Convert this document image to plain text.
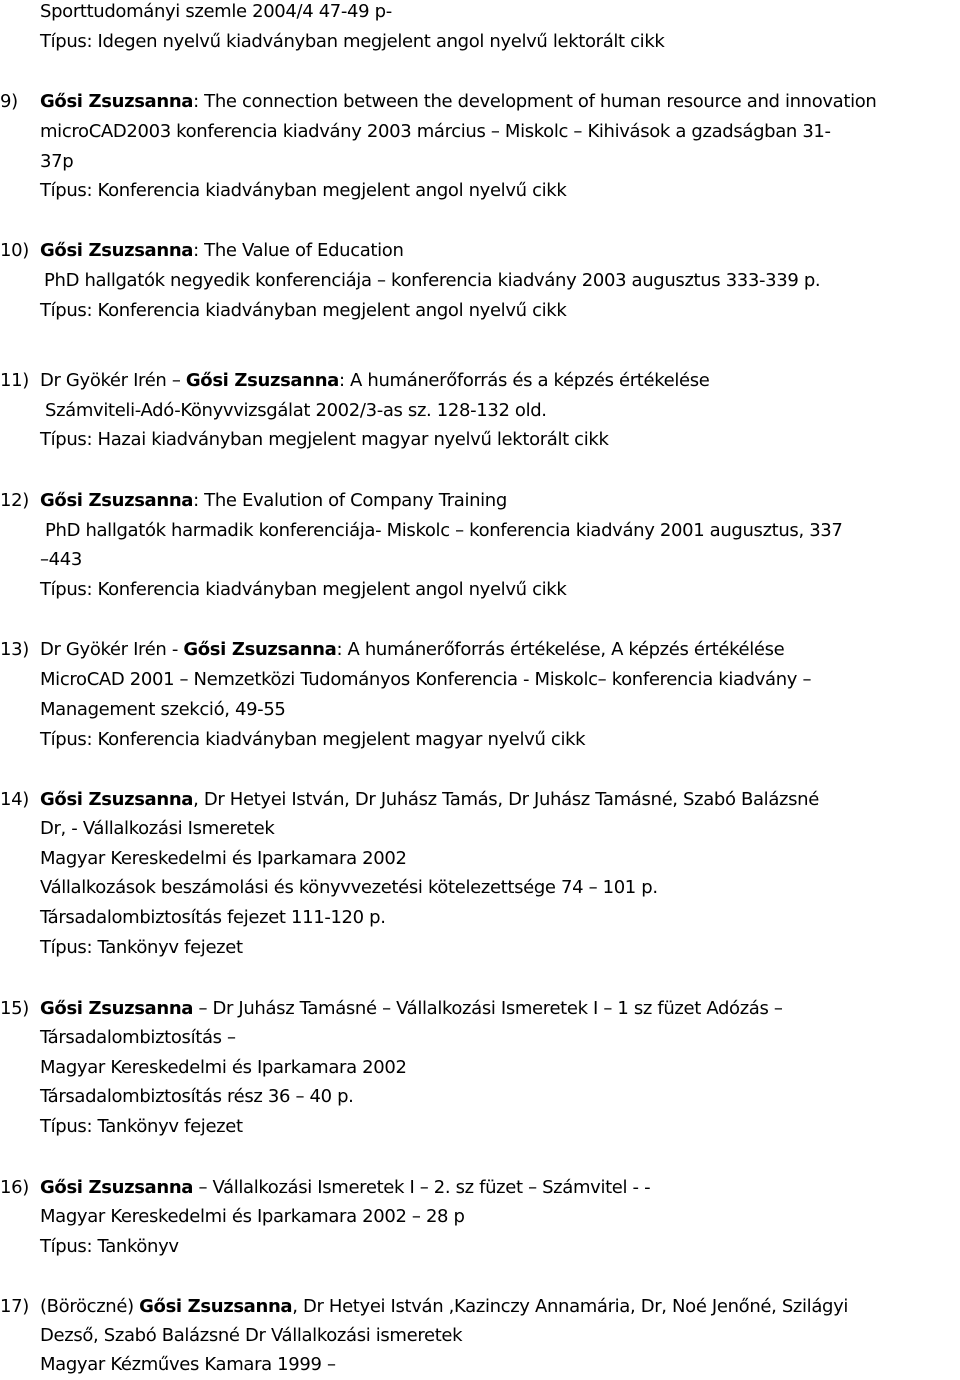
Sporttudományi szemle 2004/4 47-49 p-
Típus: Idegen nyelvű kiadványban megjelent angol nyelvű lektorált cikk
9) Gősi Zsuzsanna: The connection between the development of human resource and innovation
microCAD2003 konferencia kiadvány 2003 március – Miskolc – Kihivások a gzadságban 31-
37p
Típus: Konferencia kiadványban megjelent angol nyelvű cikk
10) Gősi Zsuzsanna: The Value of Education
PhD hallgatók negyedik konferenciája – konferencia kiadvány 2003 augusztus 333-339 p.
Típus: Konferencia kiadványban megjelent angol nyelvű cikk
11) Dr Gyökér Irén – Gősi Zsuzsanna: A humánerőforrás és a képzés értékelése
Számviteli-Adó-Könyvvizsgálat 2002/3-as sz. 128-132 old.
Típus: Hazai kiadványban megjelent magyar nyelvű lektorált cikk
12) Gősi Zsuzsanna: The Evalution of Company Training
PhD hallgatók harmadik konferenciája- Miskolc – konferencia kiadvány 2001 augusztus, 337
–443
Típus: Konferencia kiadványban megjelent angol nyelvű cikk
13) Dr Gyökér Irén - Gősi Zsuzsanna: A humánerőforrás értékelése, A képzés értékélése
MicroCAD 2001 – Nemzetközi Tudományos Konferencia - Miskolc– konferencia kiadvány –
Management szekció, 49-55
Típus: Konferencia kiadványban megjelent magyar nyelvű cikk
14) Gősi Zsuzsanna, Dr Hetyei István, Dr Juhász Tamás, Dr Juhász Tamásné, Szabó Balázsné
Dr, - Vállalkozási Ismeretek
Magyar Kereskedelmi és Iparkamara 2002
Vállalkozások beszámolási és könyvvezetési kötelezettsége 74 – 101 p.
Társadalombiztosítás fejezet 111-120 p.
Típus: Tankönyv fejezet
15) Gősi Zsuzsanna – Dr Juhász Tamásné – Vállalkozási Ismeretek I – 1 sz füzet Adózás –
Társadalombiztosítás –
Magyar Kereskedelmi és Iparkamara 2002
Társadalombiztosítás rész 36 – 40 p.
Típus: Tankönyv fejezet
16) Gősi Zsuzsanna – Vállalkozási Ismeretek I – 2. sz füzet – Számvitel - -
Magyar Kereskedelmi és Iparkamara 2002 – 28 p
Típus: Tankönyv
17) (Böröczné) Gősi Zsuzsanna, Dr Hetyei István ,Kazinczy Annamária, Dr, Noé Jenőné, Szilágyi
Dezső, Szabó Balázsné Dr Vállalkozási ismeretek
Magyar Kézműves Kamara 1999 –
